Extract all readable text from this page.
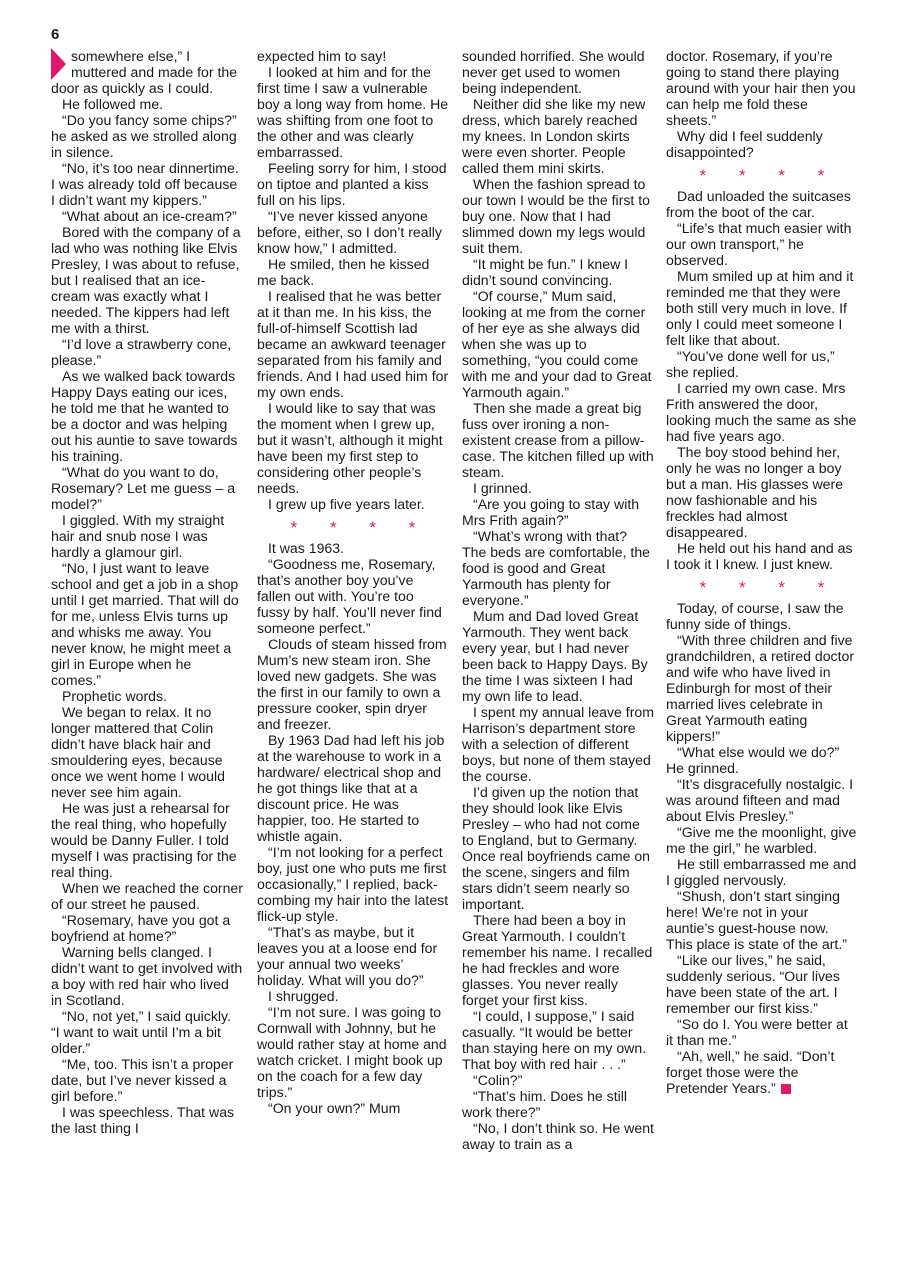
6

somewhere else,” I muttered and made for the door as quickly as I could.

He followed me.

“Do you fancy some chips?” he asked as we strolled along in silence.

“No, it’s too near dinnertime. I was already told off because I didn’t want my kippers.”

“What about an ice-cream?”

Bored with the company of a lad who was nothing like Elvis Presley, I was about to refuse, but I realised that an ice-cream was exactly what I needed. The kippers had left me with a thirst.

“I’d love a strawberry cone, please.”

As we walked back towards Happy Days eating our ices, he told me that he wanted to be a doctor and was helping out his auntie to save towards his training.

“What do you want to do, Rosemary? Let me guess – a model?”

I giggled. With my straight hair and snub nose I was hardly a glamour girl.

“No, I just want to leave school and get a job in a shop until I get married. That will do for me, unless Elvis turns up and whisks me away. You never know, he might meet a girl in Europe when he comes.”

Prophetic words.

We began to relax. It no longer mattered that Colin didn’t have black hair and smouldering eyes, because once we went home I would never see him again.

He was just a rehearsal for the real thing, who hopefully would be Danny Fuller. I told myself I was practising for the real thing.

When we reached the corner of our street he paused.

“Rosemary, have you got a boyfriend at home?”

Warning bells clanged. I didn’t want to get involved with a boy with red hair who lived in Scotland.

“No, not yet,” I said quickly. “I want to wait until I’m a bit older.”

“Me, too. This isn’t a proper date, but I’ve never kissed a girl before.”

I was speechless. That was the last thing I

expected him to say!

I looked at him and for the first time I saw a vulnerable boy a long way from home. He was shifting from one foot to the other and was clearly embarrassed.

Feeling sorry for him, I stood on tiptoe and planted a kiss full on his lips.

“I’ve never kissed anyone before, either, so I don’t really know how,” I admitted.

He smiled, then he kissed me back.

I realised that he was better at it than me. In his kiss, the full-of-himself Scottish lad became an awkward teenager separated from his family and friends. And I had used him for my own ends.

I would like to say that was the moment when I grew up, but it wasn’t, although it might have been my first step to considering other people’s needs.

I grew up five years later.

* * * *

It was 1963.

“Goodness me, Rosemary, that’s another boy you’ve fallen out with. You’re too fussy by half. You’ll never find someone perfect.”

Clouds of steam hissed from Mum’s new steam iron. She loved new gadgets. She was the first in our family to own a pressure cooker, spin dryer and freezer.

By 1963 Dad had left his job at the warehouse to work in a hardware/ electrical shop and he got things like that at a discount price. He was happier, too. He started to whistle again.

“I’m not looking for a perfect boy, just one who puts me first occasionally,” I replied, back-combing my hair into the latest flick-up style.

“That’s as maybe, but it leaves you at a loose end for your annual two weeks’ holiday. What will you do?”

I shrugged.

“I’m not sure. I was going to Cornwall with Johnny, but he would rather stay at home and watch cricket. I might book up on the coach for a few day trips.”

“On your own?” Mum

sounded horrified. She would never get used to women being independent.

Neither did she like my new dress, which barely reached my knees. In London skirts were even shorter. People called them mini skirts.

When the fashion spread to our town I would be the first to buy one. Now that I had slimmed down my legs would suit them.

“It might be fun.” I knew I didn’t sound convincing.

“Of course,” Mum said, looking at me from the corner of her eye as she always did when she was up to something, “you could come with me and your dad to Great Yarmouth again.”

Then she made a great big fuss over ironing a non-existent crease from a pillow-case. The kitchen filled up with steam.

I grinned.

“Are you going to stay with Mrs Frith again?”

“What’s wrong with that? The beds are comfortable, the food is good and Great Yarmouth has plenty for everyone.”

Mum and Dad loved Great Yarmouth. They went back every year, but I had never been back to Happy Days. By the time I was sixteen I had my own life to lead.

I spent my annual leave from Harrison’s department store with a selection of different boys, but none of them stayed the course.

I’d given up the notion that they should look like Elvis Presley – who had not come to England, but to Germany. Once real boyfriends came on the scene, singers and film stars didn’t seem nearly so important.

There had been a boy in Great Yarmouth. I couldn’t remember his name. I recalled he had freckles and wore glasses. You never really forget your first kiss.

“I could, I suppose,” I said casually. “It would be better than staying here on my own. That boy with red hair . . .”

“Colin?”

“That’s him. Does he still work there?”

“No, I don’t think so. He went away to train as a

doctor. Rosemary, if you’re going to stand there playing around with your hair then you can help me fold these sheets.”

Why did I feel suddenly disappointed?

* * * *

Dad unloaded the suitcases from the boot of the car.

“Life’s that much easier with our own transport,” he observed.

Mum smiled up at him and it reminded me that they were both still very much in love. If only I could meet someone I felt like that about.

“You’ve done well for us,” she replied.

I carried my own case. Mrs Frith answered the door, looking much the same as she had five years ago.

The boy stood behind her, only he was no longer a boy but a man. His glasses were now fashionable and his freckles had almost disappeared.

He held out his hand and as I took it I knew. I just knew.

* * * *

Today, of course, I saw the funny side of things.

“With three children and five grandchildren, a retired doctor and wife who have lived in Edinburgh for most of their married lives celebrate in Great Yarmouth eating kippers!”

“What else would we do?” He grinned.

“It’s disgracefully nostalgic. I was around fifteen and mad about Elvis Presley.”

“Give me the moonlight, give me the girl,” he warbled.

He still embarrassed me and I giggled nervously.

“Shush, don’t start singing here! We’re not in your auntie’s guest-house now. This place is state of the art.”

“Like our lives,” he said, suddenly serious. “Our lives have been state of the art. I remember our first kiss.”

“So do I. You were better at it than me.”

“Ah, well,” he said. “Don’t forget those were the Pretender Years.”
